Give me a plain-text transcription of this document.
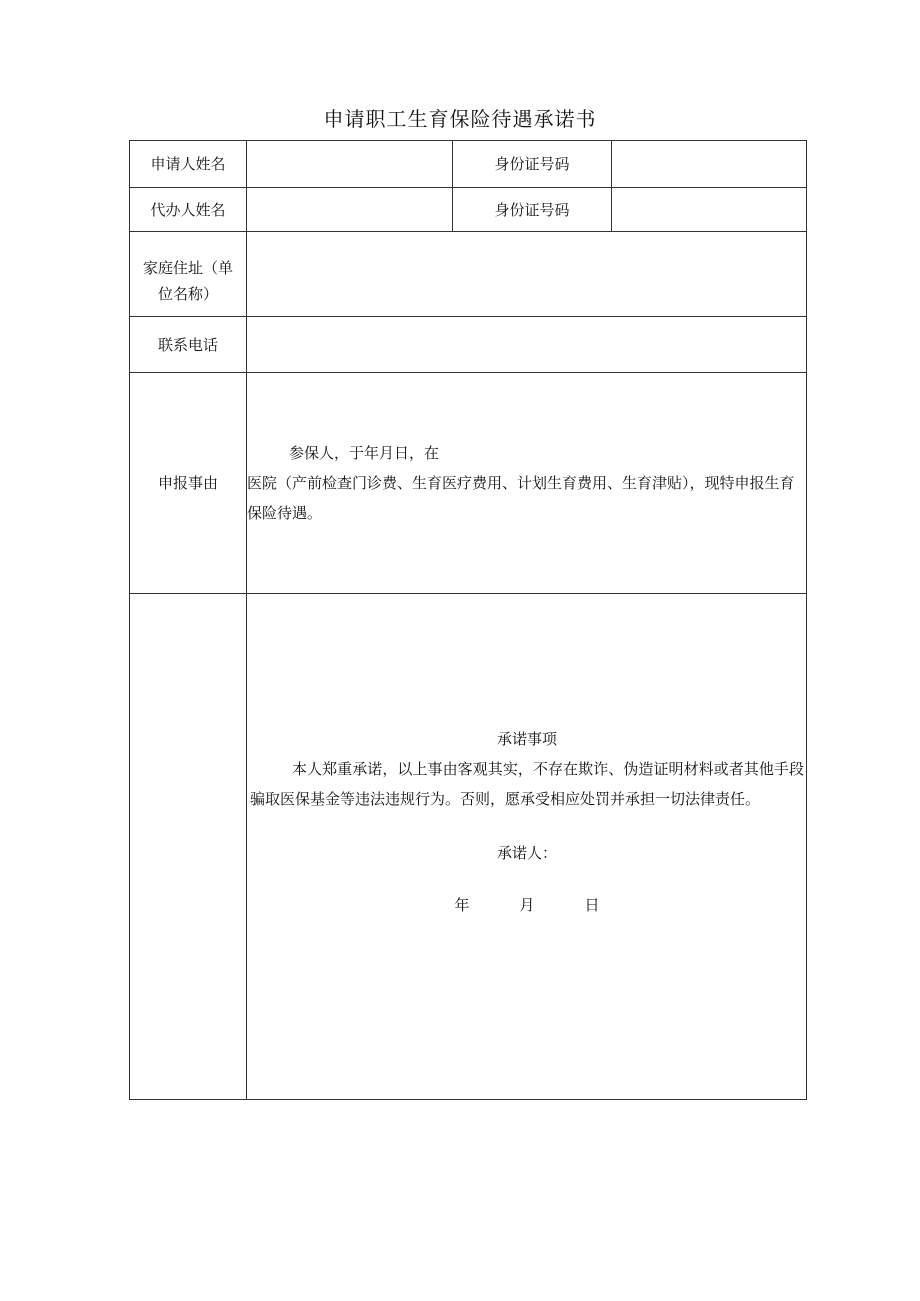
申请职工生育保险待遇承诺书
申请人姓名		身份证号码	
代办人姓名		身份证号码	

家庭住址（单位名称）			

联系电话			
申报事由	参保人，于年月日，在
医院（产前检查门诊费、生育医疗费用、计划生育费用、生育津贴），现特申报生育保险待遇。		

	承诺事项
本人郑重承诺，以上事由客观其实，不存在欺诈、伪造证明材料或者其他手段骗取医保基金等违法违规行为。否则，愿承受相应处罚并承担一切法律责任。
承诺人：
年 月 日		
